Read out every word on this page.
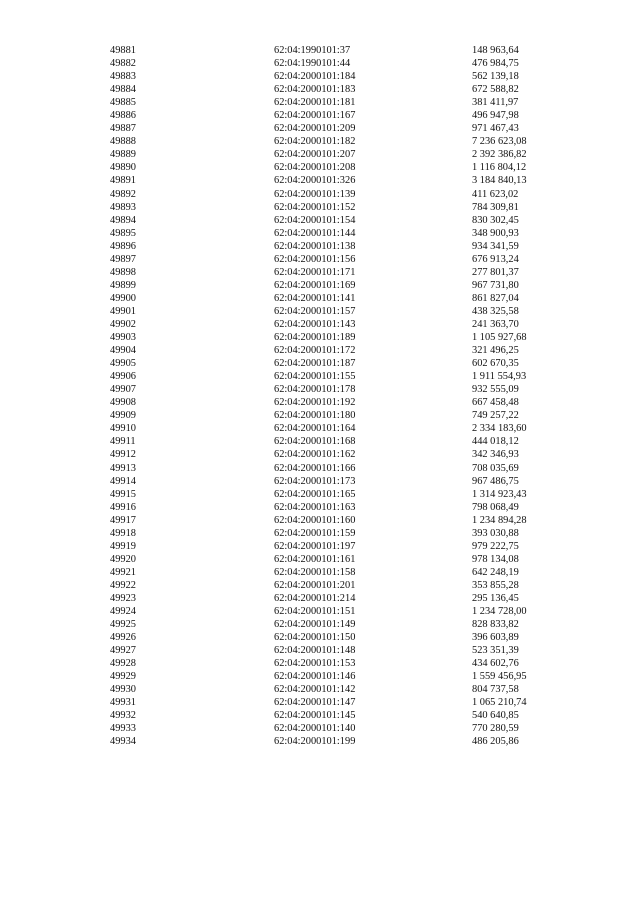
49881	62:04:1990101:37	148 963,64
49882	62:04:1990101:44	476 984,75
49883	62:04:2000101:184	562 139,18
49884	62:04:2000101:183	672 588,82
49885	62:04:2000101:181	381 411,97
49886	62:04:2000101:167	496 947,98
49887	62:04:2000101:209	971 467,43
49888	62:04:2000101:182	7 236 623,08
49889	62:04:2000101:207	2 392 386,82
49890	62:04:2000101:208	1 116 804,12
49891	62:04:2000101:326	3 184 840,13
49892	62:04:2000101:139	411 623,02
49893	62:04:2000101:152	784 309,81
49894	62:04:2000101:154	830 302,45
49895	62:04:2000101:144	348 900,93
49896	62:04:2000101:138	934 341,59
49897	62:04:2000101:156	676 913,24
49898	62:04:2000101:171	277 801,37
49899	62:04:2000101:169	967 731,80
49900	62:04:2000101:141	861 827,04
49901	62:04:2000101:157	438 325,58
49902	62:04:2000101:143	241 363,70
49903	62:04:2000101:189	1 105 927,68
49904	62:04:2000101:172	321 496,25
49905	62:04:2000101:187	602 670,35
49906	62:04:2000101:155	1 911 554,93
49907	62:04:2000101:178	932 555,09
49908	62:04:2000101:192	667 458,48
49909	62:04:2000101:180	749 257,22
49910	62:04:2000101:164	2 334 183,60
49911	62:04:2000101:168	444 018,12
49912	62:04:2000101:162	342 346,93
49913	62:04:2000101:166	708 035,69
49914	62:04:2000101:173	967 486,75
49915	62:04:2000101:165	1 314 923,43
49916	62:04:2000101:163	798 068,49
49917	62:04:2000101:160	1 234 894,28
49918	62:04:2000101:159	393 030,88
49919	62:04:2000101:197	979 222,75
49920	62:04:2000101:161	978 134,08
49921	62:04:2000101:158	642 248,19
49922	62:04:2000101:201	353 855,28
49923	62:04:2000101:214	295 136,45
49924	62:04:2000101:151	1 234 728,00
49925	62:04:2000101:149	828 833,82
49926	62:04:2000101:150	396 603,89
49927	62:04:2000101:148	523 351,39
49928	62:04:2000101:153	434 602,76
49929	62:04:2000101:146	1 559 456,95
49930	62:04:2000101:142	804 737,58
49931	62:04:2000101:147	1 065 210,74
49932	62:04:2000101:145	540 640,85
49933	62:04:2000101:140	770 280,59
49934	62:04:2000101:199	486 205,86
